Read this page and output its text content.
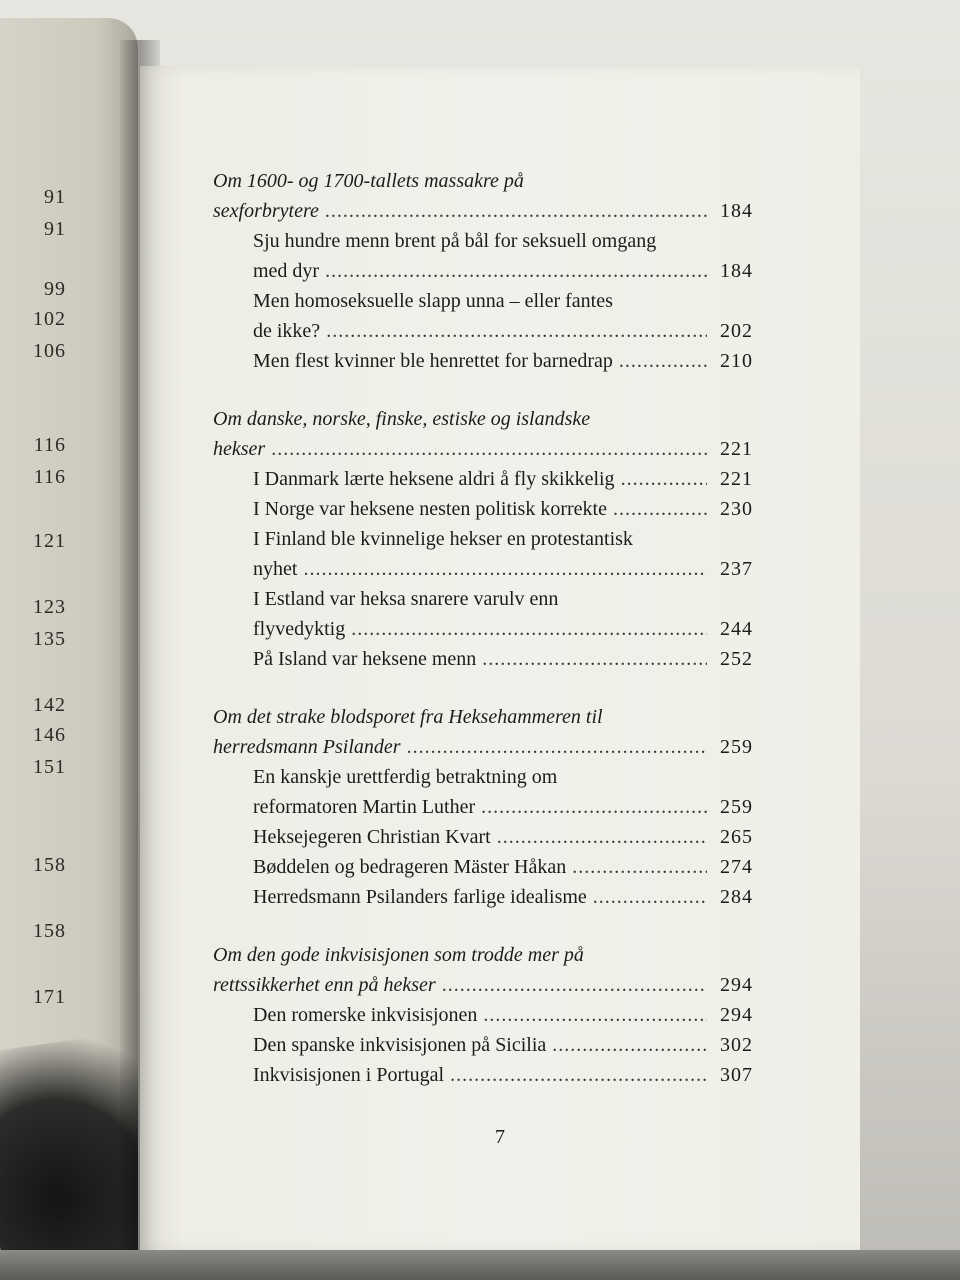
91
91
99
102
106
116
116
121
123
135
142
146
151
158
158
171
Om 1600- og 1700-tallets massakre på
sexforbrytere .....	184
Sju hundre menn brent på bål for seksuell omgang
med dyr .....	184
Men homoseksuelle slapp unna – eller fantes
de ikke? .....	202
Men flest kvinner ble henrettet for barnedrap .....	210
Om danske, norske, finske, estiske og islandske
hekser .....	221
I Danmark lærte heksene aldri å fly skikkelig .....	221
I Norge var heksene nesten politisk korrekte .....	230
I Finland ble kvinnelige hekser en protestantisk
nyhet .....	237
I Estland var heksa snarere varulv enn
flyvedyktig .....	244
På Island var heksene menn .....	252
Om det strake blodsporet fra Heksehammeren til
herredsmann Psilander .....	259
En kanskje urettferdig betraktning om
reformatoren Martin Luther .....	259
Heksejegeren Christian Kvart .....	265
Bøddelen og bedrageren Mäster Håkan .....	274
Herredsmann Psilanders farlige idealisme .....	284
Om den gode inkvisisjonen som trodde mer på
rettssikkerhet enn på hekser .....	294
Den romerske inkvisisjonen .....	294
Den spanske inkvisisjonen på Sicilia .....	302
Inkvisisjonen i Portugal .....	307
7
